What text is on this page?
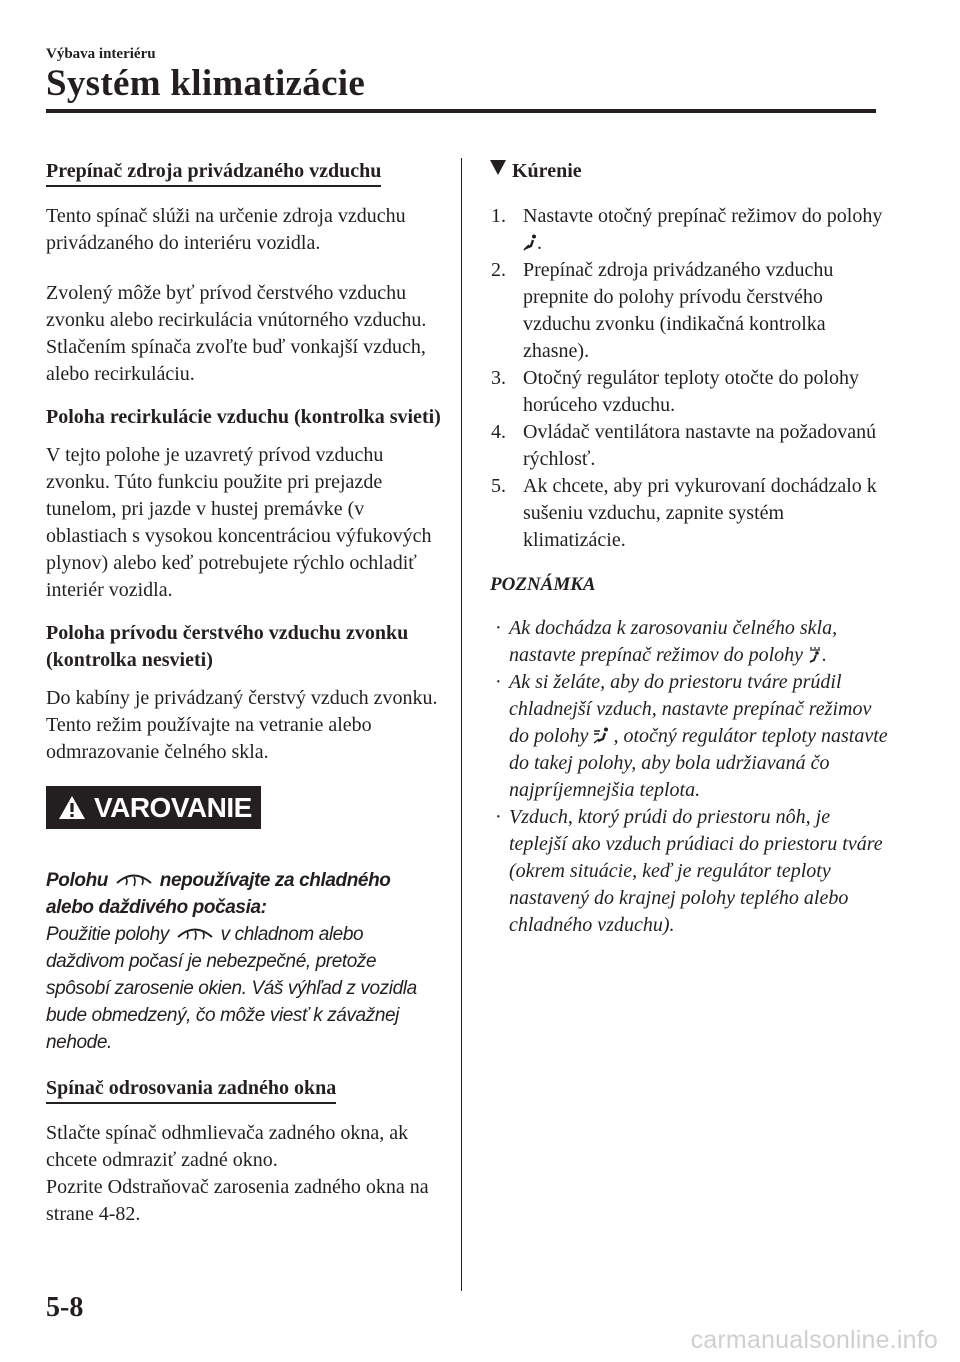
Výbava interiéru
Systém klimatizácie
Prepínač zdroja privádzaného vzduchu

Tento spínač slúži na určenie zdroja vzduchu privádzaného do interiéru vozidla.

Zvolený môže byť prívod čerstvého vzduchu zvonku alebo recirkulácia vnútorného vzduchu. Stlačením spínača zvoľte buď vonkajší vzduch, alebo recirkuláciu.

Poloha recirkulácie vzduchu (kontrolka svieti)

V tejto polohe je uzavretý prívod vzduchu zvonku. Túto funkciu použite pri prejazde tunelom, pri jazde v hustej premávke (v oblastiach s vysokou koncentráciou výfukových plynov) alebo keď potrebujete rýchlo ochladiť interiér vozidla.

Poloha prívodu čerstvého vzduchu zvonku (kontrolka nesvieti)

Do kabíny je privádzaný čerstvý vzduch zvonku. Tento režim používajte na vetranie alebo odmrazovanie čelného skla.

VAROVANIE
Polohu	nepoužívajte za chladného alebo daždivého počasia:
Použitie polohy	v chladnom alebo daždivom počasí je nebezpečné, pretože spôsobí zarosenie okien. Váš výhľad z vozidla bude obmedzený, čo môže viesť k závažnej nehode.
Spínač odrosovania zadného okna

Stlačte spínač odhmlievača zadného okna, ak chcete odmraziť zadné okno.

Pozrite Odstraňovač zarosenia zadného okna na strane 4-82.

Kúrenie
1. Nastavte otočný prepínač režimov do polohy .
2. Prepínač zdroja privádzaného vzduchu prepnite do polohy prívodu čerstvého vzduchu zvonku (indikačná kontrolka zhasne).
3. Otočný regulátor teploty otočte do polohy horúceho vzduchu.
4. Ovládač ventilátora nastavte na požadovanú rýchlosť.
5. Ak chcete, aby pri vykurovaní dochádzalo k sušeniu vzduchu, zapnite systém klimatizácie.
POZNÁMKA
· Ak dochádza k zarosovaniu čelného skla, nastavte prepínač režimov do polohy .
· Ak si želáte, aby do priestoru tváre prúdil chladnejší vzduch, nastavte prepínač režimov do polohy , otočný regulátor teploty nastavte do takej polohy, aby bola udržiavaná čo najpríjemnejšia teplota.
· Vzduch, ktorý prúdi do priestoru nôh, je teplejší ako vzduch prúdiaci do priestoru tváre (okrem situácie, keď je regulátor teploty nastavený do krajnej polohy teplého alebo chladného vzduchu).
5-8
carmanualsonline.info
